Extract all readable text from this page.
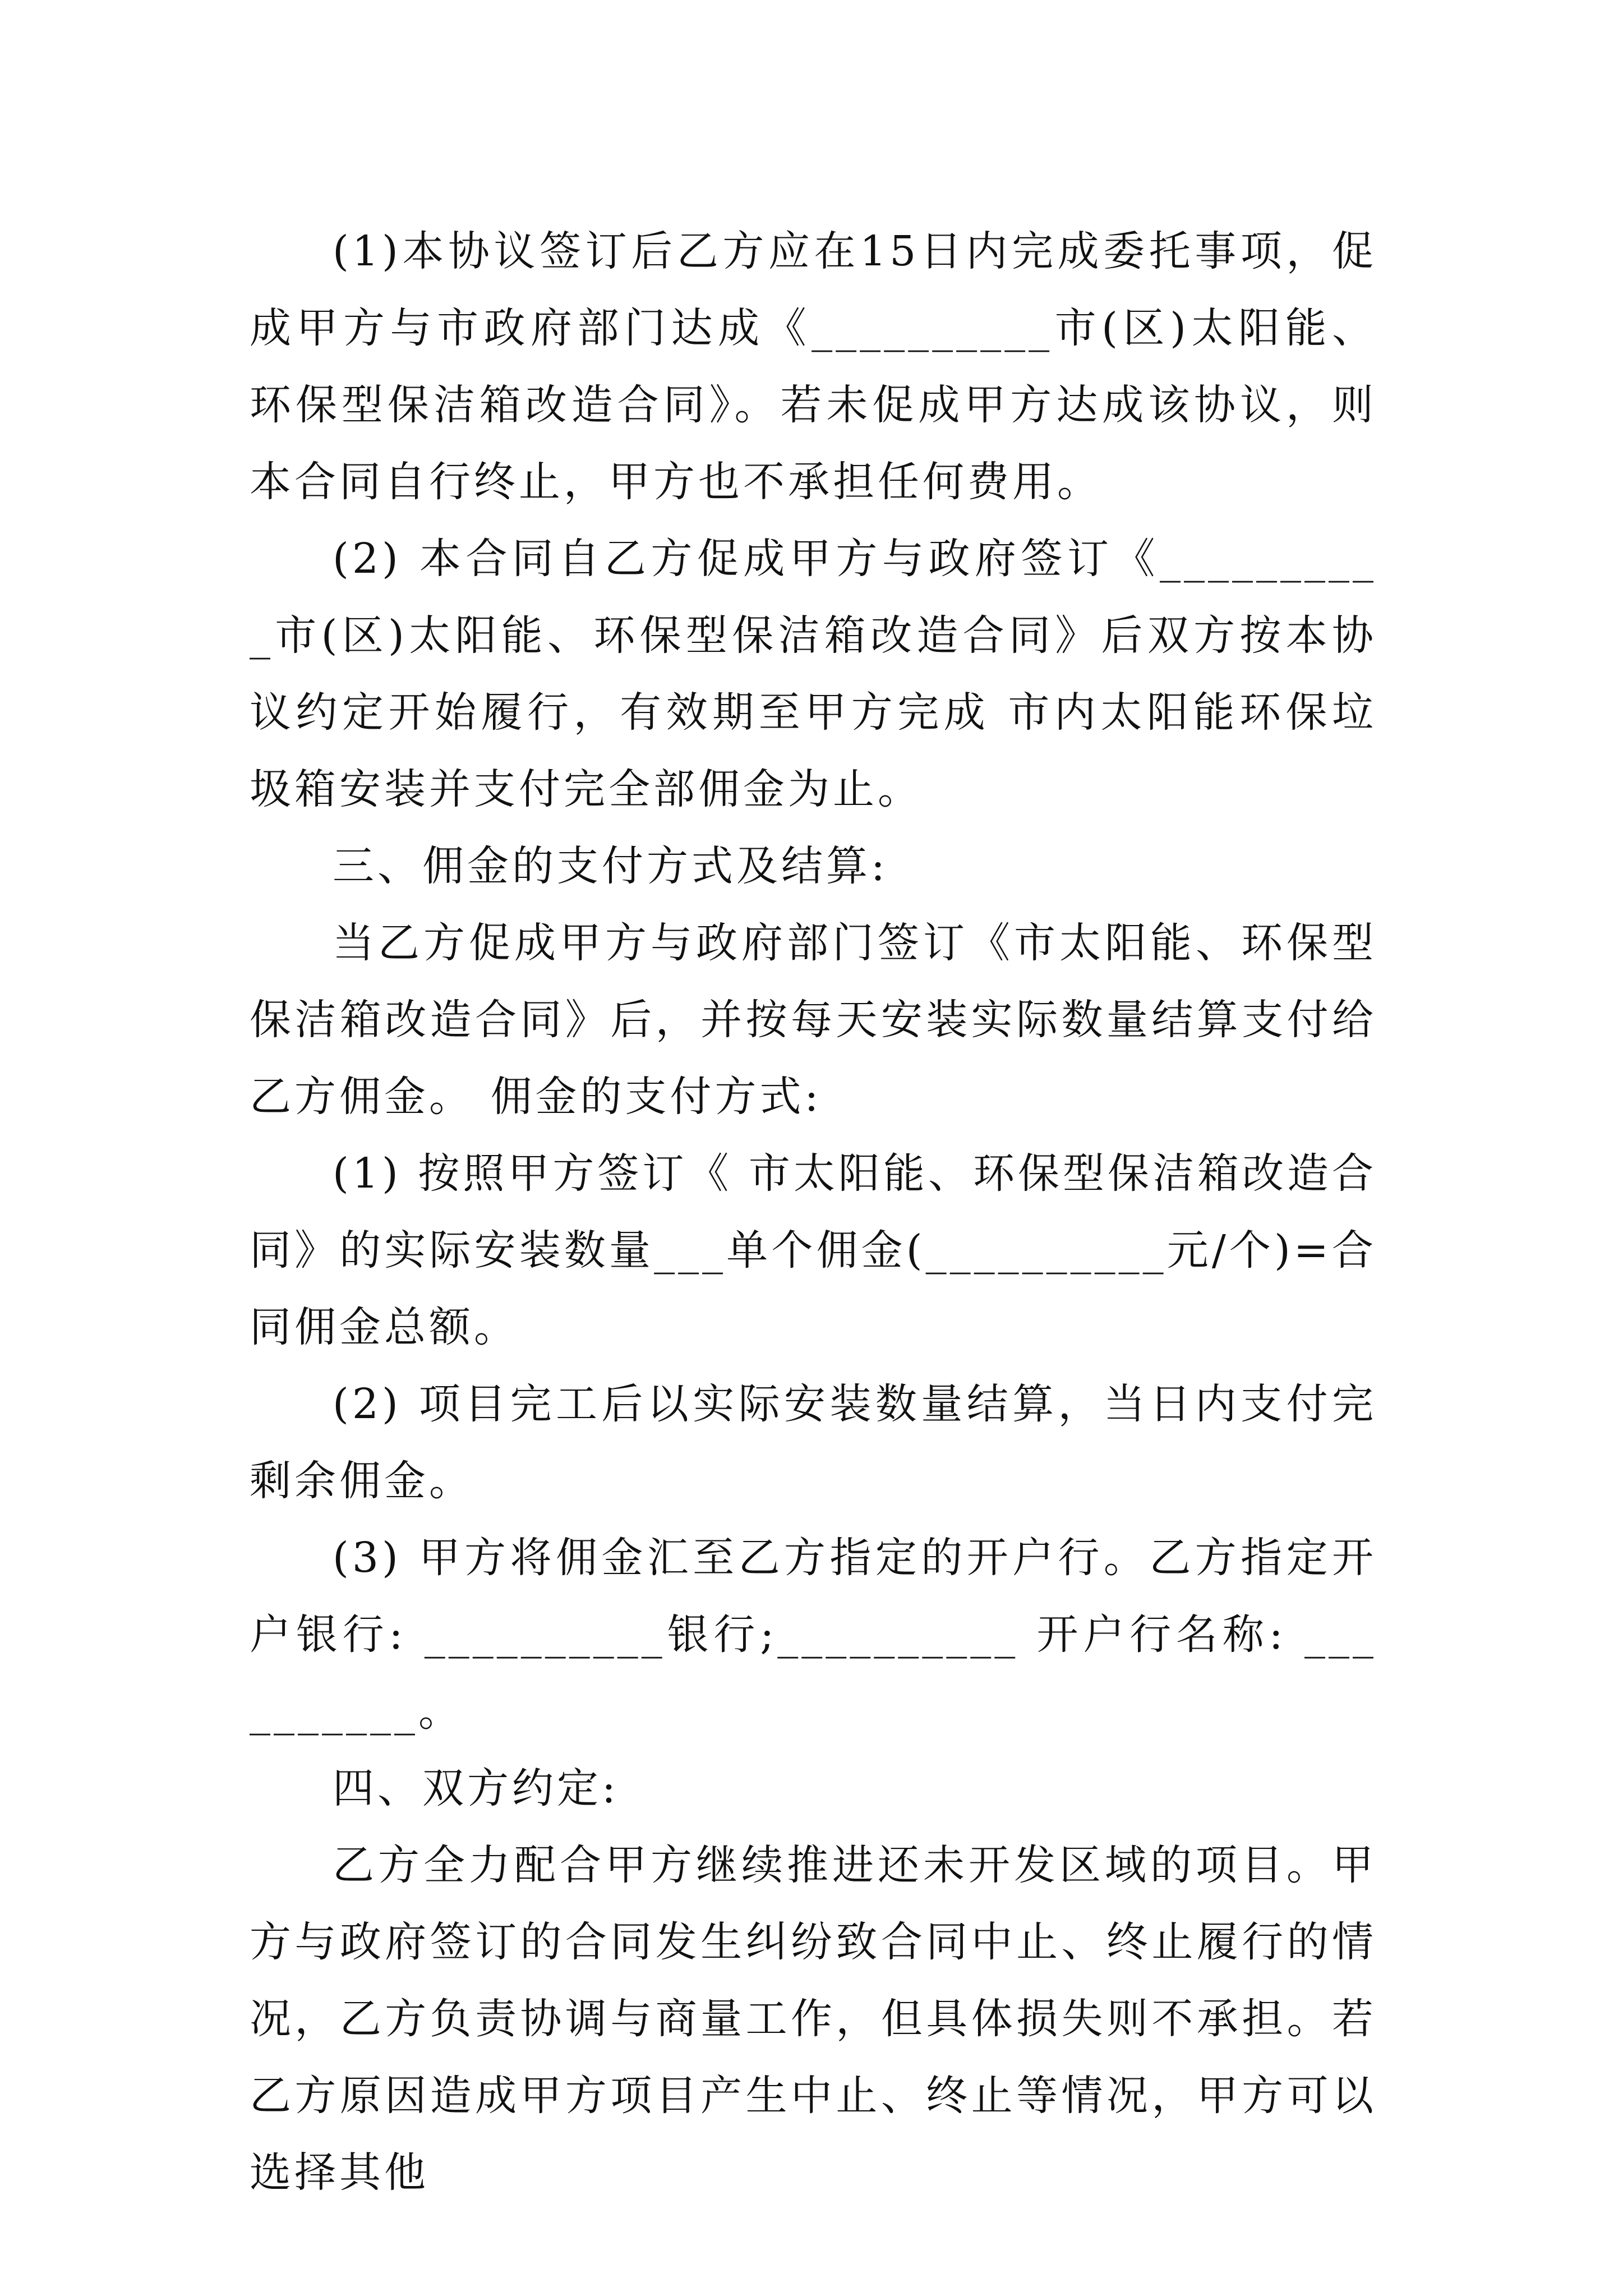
(1)本协议签订后乙方应在15日内完成委托事项，促成甲方与市政府部门达成《__________市(区)太阳能、环保型保洁箱改造合同》。若未促成甲方达成该协议，则本合同自行终止，甲方也不承担任何费用。

(2) 本合同自乙方促成甲方与政府签订《__________市(区)太阳能、环保型保洁箱改造合同》后双方按本协议约定开始履行，有效期至甲方完成 市内太阳能环保垃圾箱安装并支付完全部佣金为止。

三、佣金的支付方式及结算:

当乙方促成甲方与政府部门签订《市太阳能、环保型保洁箱改造合同》后，并按每天安装实际数量结算支付给乙方佣金。 佣金的支付方式:

(1) 按照甲方签订《 市太阳能、环保型保洁箱改造合同》的实际安装数量___单个佣金(__________元/个)=合同佣金总额。

(2) 项目完工后以实际安装数量结算，当日内支付完剩余佣金。

(3) 甲方将佣金汇至乙方指定的开户行。乙方指定开户银行: __________银行;__________ 开户行名称: __________。

四、双方约定:

乙方全力配合甲方继续推进还未开发区域的项目。甲方与政府签订的合同发生纠纷致合同中止、终止履行的情况，乙方负责协调与商量工作，但具体损失则不承担。若乙方原因造成甲方项目产生中止、终止等情况，甲方可以选择其他
